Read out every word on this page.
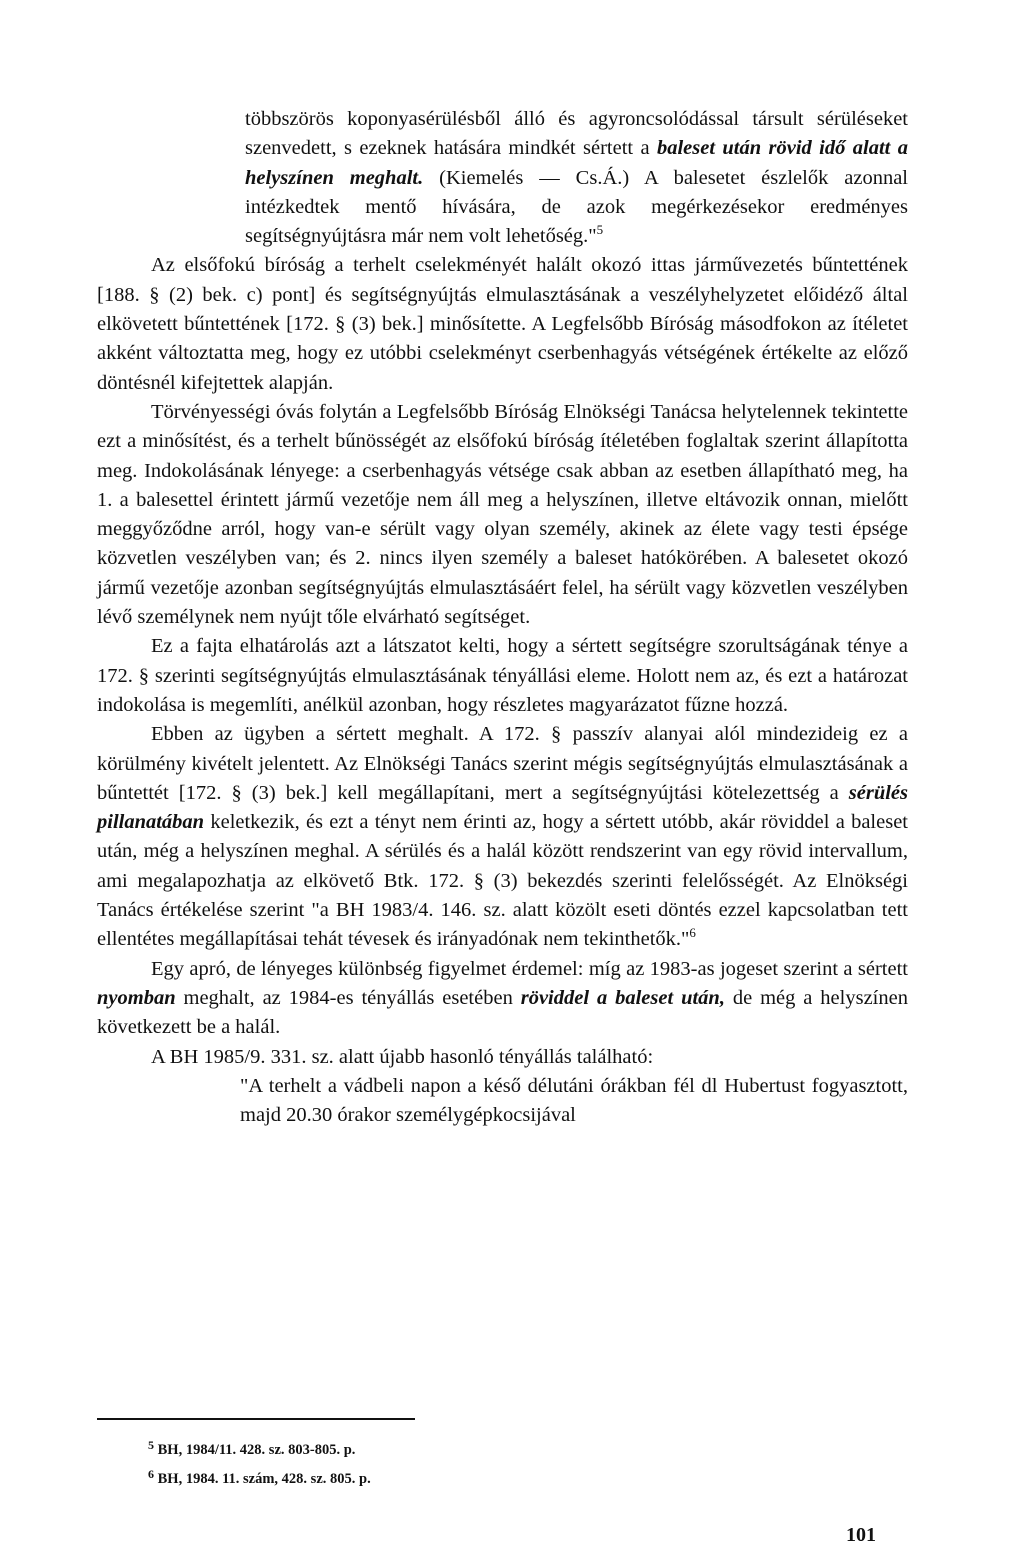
többszörös koponyasérülésből álló és agyroncsolódással társult sérüléseket szenvedett, s ezeknek hatására mindkét sértett a baleset után rövid idő alatt a helyszínen meghalt. (Kiemelés — Cs.Á.) A balesetet észlelők azonnal intézkedtek mentő hívására, de azok megérkezésekor eredményes segítségnyújtásra már nem volt lehetőség."$^5$

Az elsőfokú bíróság a terhelt cselekményét halált okozó ittas járművezetés bűntettének [188. § (2) bek. c) pont] és segítségnyújtás elmulasztásának a veszélyhelyzetet előidéző által elkövetett bűntettének [172. § (3) bek.] minősítette. A Legfelsőbb Bíróság másodfokon az ítéletet akként változtatta meg, hogy ez utóbbi cselekményt cserbenhagyás vétségének értékelte az előző döntésnél kifejtettek alapján.

Törvényességi óvás folytán a Legfelsőbb Bíróság Elnökségi Tanácsa helytelennek tekintette ezt a minősítést, és a terhelt bűnösségét az elsőfokú bíróság ítéletében foglaltak szerint állapította meg. Indokolásának lényege: a cserbenhagyás vétsége csak abban az esetben állapítható meg, ha 1. a balesettel érintett jármű vezetője nem áll meg a helyszínen, illetve eltávozik onnan, mielőtt meggyőződne arról, hogy van-e sérült vagy olyan személy, akinek az élete vagy testi épsége közvetlen veszélyben van; és 2. nincs ilyen személy a baleset hatókörében. A balesetet okozó jármű vezetője azonban segítségnyújtás elmulasztásáért felel, ha sérült vagy közvetlen veszélyben lévő személynek nem nyújt tőle elvárható segítséget.

Ez a fajta elhatárolás azt a látszatot kelti, hogy a sértett segítségre szorultságának ténye a 172. § szerinti segítségnyújtás elmulasztásának tényállási eleme. Holott nem az, és ezt a határozat indokolása is megemlíti, anélkül azonban, hogy részletes magyarázatot fűzne hozzá.

Ebben az ügyben a sértett meghalt. A 172. § passzív alanyai alól mindezideig ez a körülmény kivételt jelentett. Az Elnökségi Tanács szerint mégis segítségnyújtás elmulasztásának a bűntettét [172. § (3) bek.] kell megállapítani, mert a segítségnyújtási kötelezettség a sérülés pillanatában keletkezik, és ezt a tényt nem érinti az, hogy a sértett utóbb, akár röviddel a baleset után, még a helyszínen meghal. A sérülés és a halál között rendszerint van egy rövid intervallum, ami megalapozhatja az elkövető Btk. 172. § (3) bekezdés szerinti felelősségét. Az Elnökségi Tanács értékelése szerint "a BH 1983/4. 146. sz. alatt közölt eseti döntés ezzel kapcsolatban tett ellentétes megállapításai tehát tévesek és irányadónak nem tekinthetők."$^6$

Egy apró, de lényeges különbség figyelmet érdemel: míg az 1983-as jogeset szerint a sértett nyomban meghalt, az 1984-es tényállás esetében röviddel a baleset után, de még a helyszínen következett be a halál.

A BH 1985/9. 331. sz. alatt újabb hasonló tényállás található:

"A terhelt a vádbeli napon a késő délutáni órákban fél dl Hubertust fogyasztott, majd 20.30 órakor személygépkocsijával

$^5$ BH, 1984/11. 428. sz. 803-805. p.

$^6$ BH, 1984. 11. szám, 428. sz. 805. p.

101
